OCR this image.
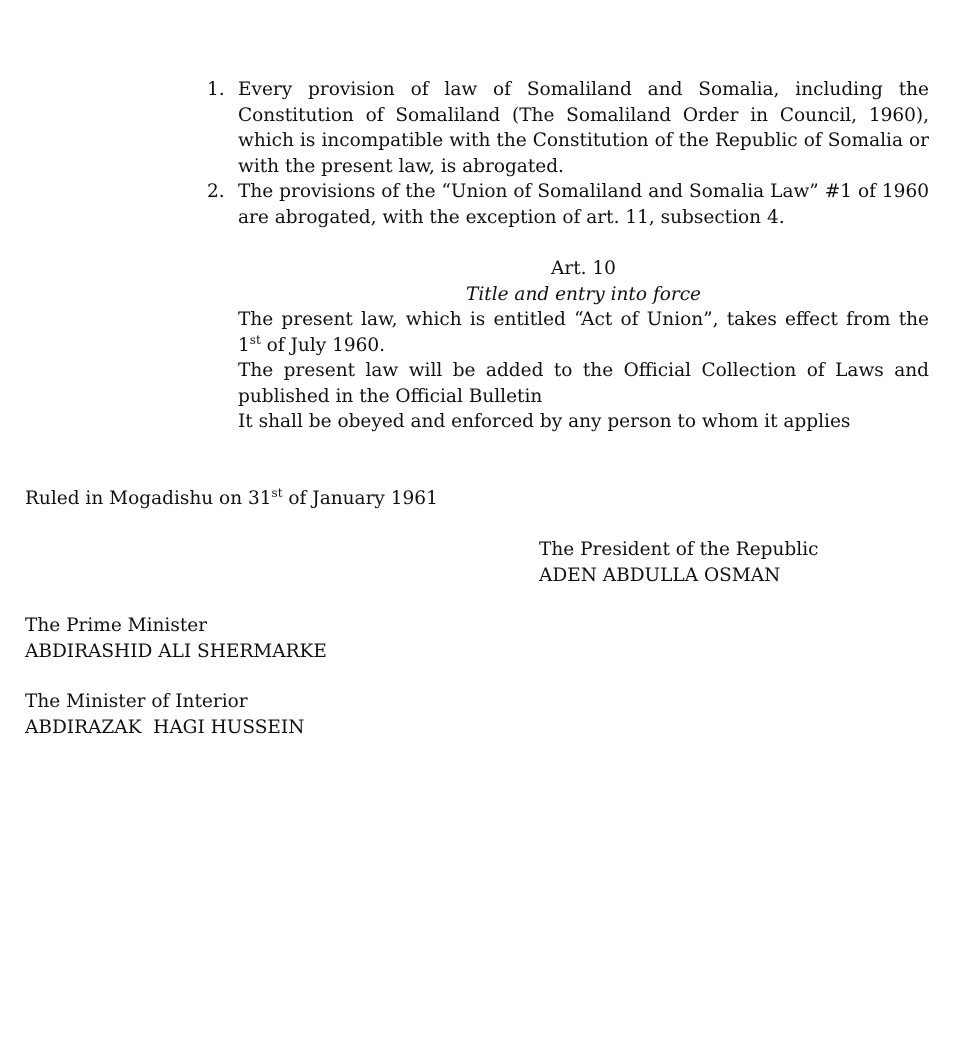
1. Every provision of law of Somaliland and Somalia, including the Constitution of Somaliland (The Somaliland Order in Council, 1960), which is incompatible with the Constitution of the Republic of Somalia or with the present law, is abrogated.
2. The provisions of the “Union of Somaliland and Somalia Law” #1 of 1960 are abrogated, with the exception of art. 11, subsection 4.

Art. 10

Title and entry into force

The present law, which is entitled “Act of Union”, takes effect from the 1st of July 1960.

The present law will be added to the Official Collection of Laws and published in the Official Bulletin

It shall be obeyed and enforced by any person to whom it applies

Ruled in Mogadishu on 31st of January 1961

The President of the Republic
ADEN ABDULLA OSMAN
The Prime Minister
ABDIRASHID ALI SHERMARKE
The Minister of Interior
ABDIRAZAK  HAGI HUSSEIN
